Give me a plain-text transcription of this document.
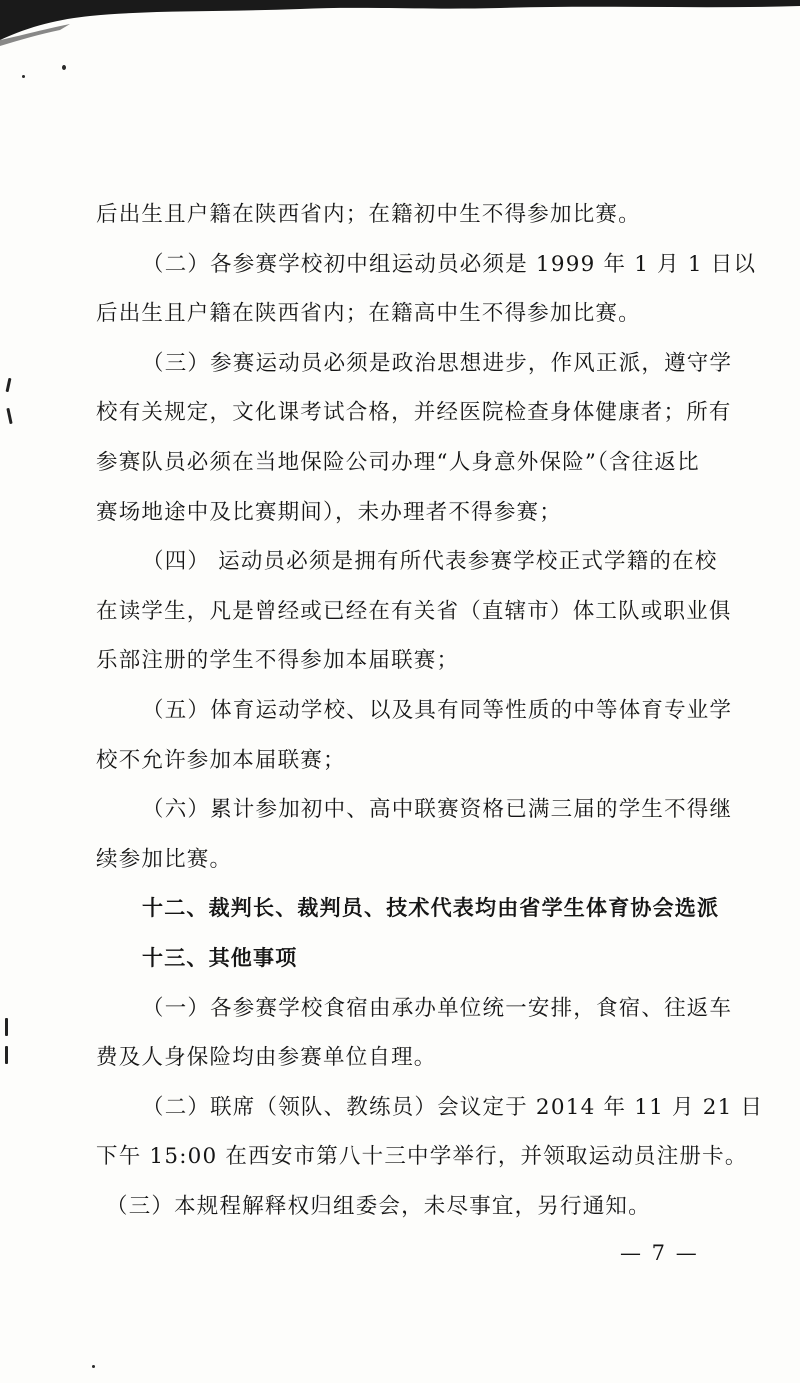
后出生且户籍在陕西省内；在籍初中生不得参加比赛。
（二）各参赛学校初中组运动员必须是 1999 年 1 月 1 日以
后出生且户籍在陕西省内；在籍高中生不得参加比赛。
（三）参赛运动员必须是政治思想进步，作风正派，遵守学
校有关规定，文化课考试合格，并经医院检查身体健康者；所有
参赛队员必须在当地保险公司办理“人身意外保险”（含往返比
赛场地途中及比赛期间），未办理者不得参赛；
（四） 运动员必须是拥有所代表参赛学校正式学籍的在校
在读学生，凡是曾经或已经在有关省（直辖市）体工队或职业俱
乐部注册的学生不得参加本届联赛；
（五）体育运动学校、以及具有同等性质的中等体育专业学
校不允许参加本届联赛；
（六）累计参加初中、高中联赛资格已满三届的学生不得继
续参加比赛。
十二、裁判长、裁判员、技术代表均由省学生体育协会选派
十三、其他事项
（一）各参赛学校食宿由承办单位统一安排，食宿、往返车
费及人身保险均由参赛单位自理。
（二）联席（领队、教练员）会议定于 2014 年 11 月 21 日
下午 15:00 在西安市第八十三中学举行，并领取运动员注册卡。
（三）本规程解释权归组委会，未尽事宜，另行通知。
— 7 —
